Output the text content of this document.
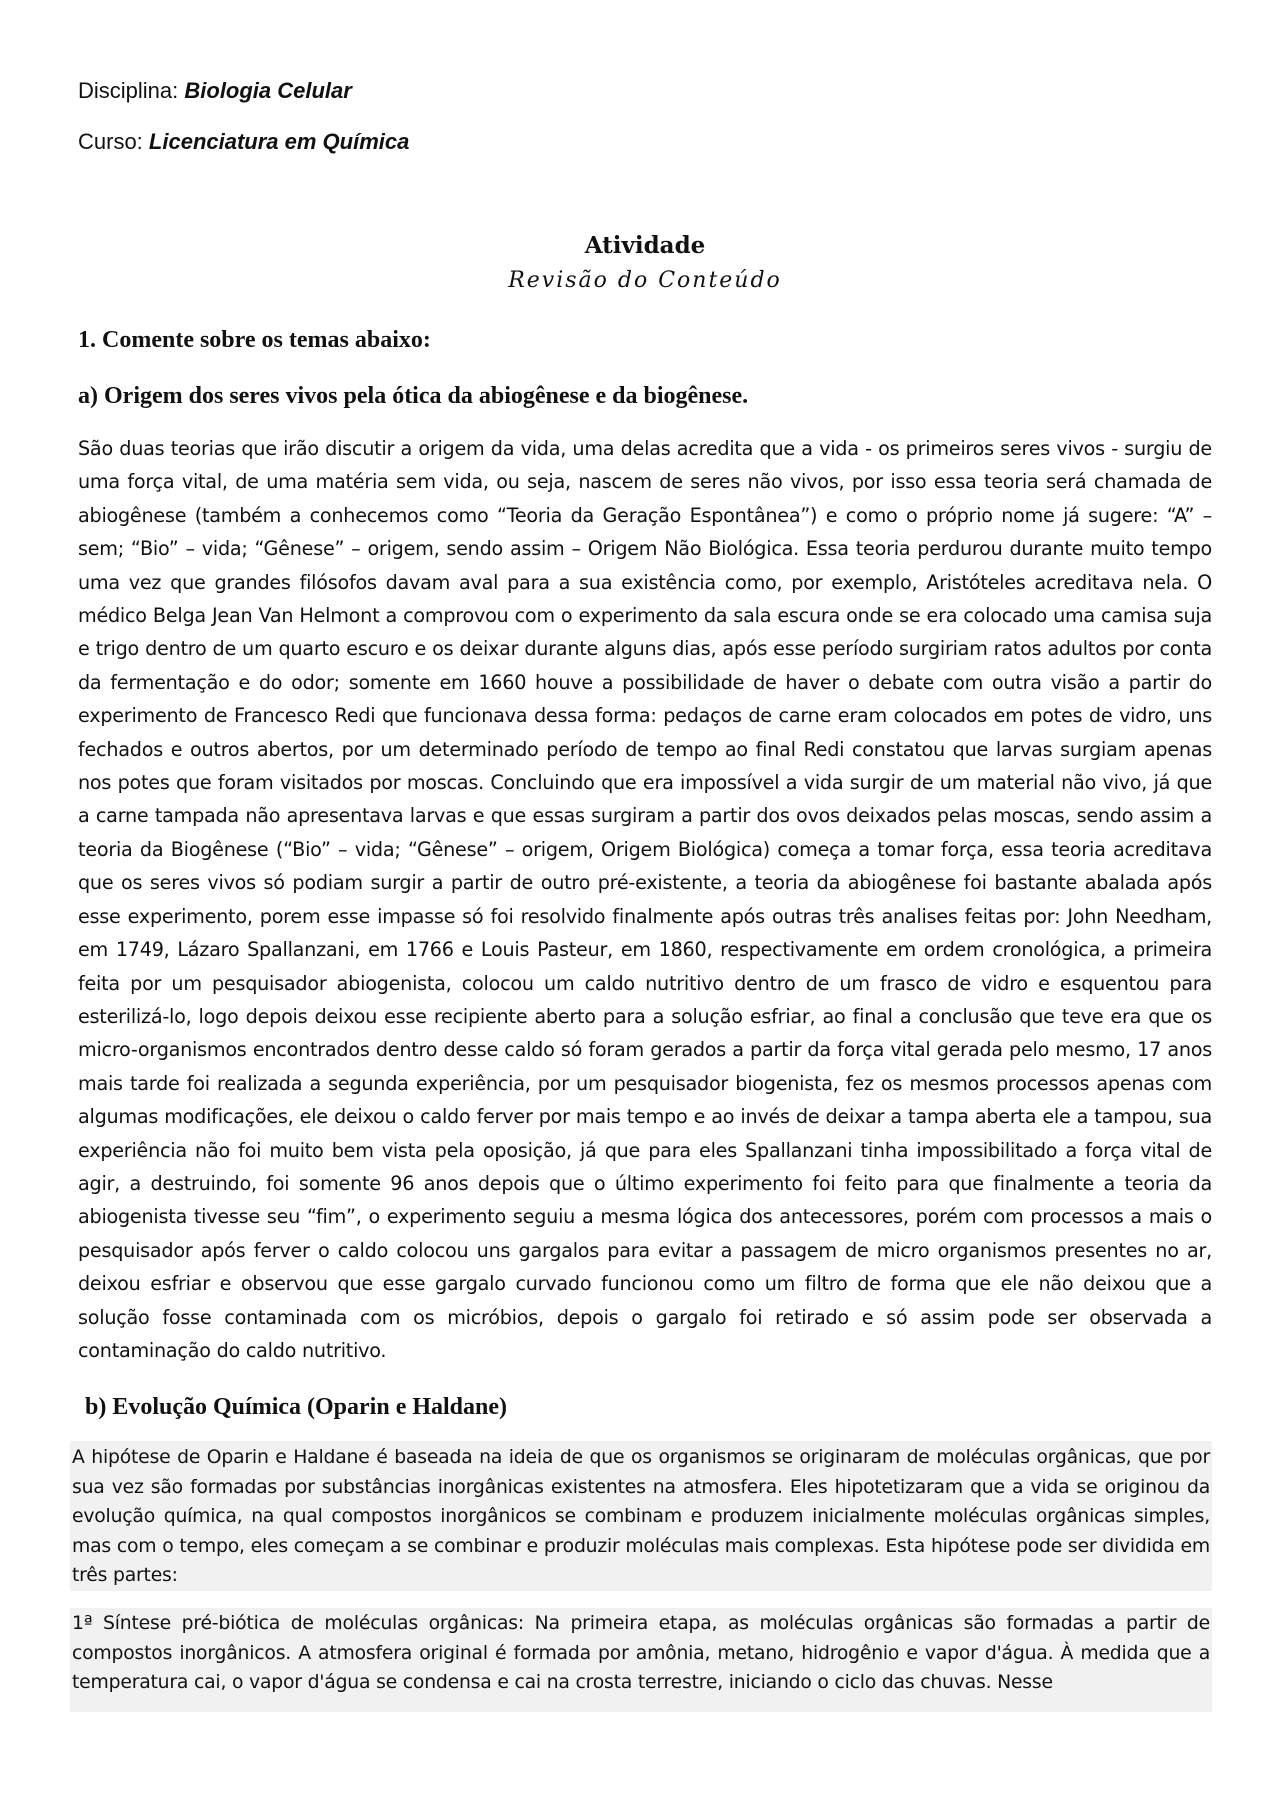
Disciplina: Biologia Celular
Curso: Licenciatura em Química
Atividade
Revisão do Conteúdo
1. Comente sobre os temas abaixo:
a) Origem dos seres vivos pela ótica da abiogênese e da biogênese.
São duas teorias que irão discutir a origem da vida, uma delas acredita que a vida - os primeiros seres vivos - surgiu de uma força vital, de uma matéria sem vida, ou seja, nascem de seres não vivos, por isso essa teoria será chamada de abiogênese (também a conhecemos como “Teoria da Geração Espontânea”) e como o próprio nome já sugere: “A” – sem; “Bio” – vida; “Gênese” – origem, sendo assim – Origem Não Biológica. Essa teoria perdurou durante muito tempo uma vez que grandes filósofos davam aval para a sua existência como, por exemplo, Aristóteles acreditava nela. O médico Belga Jean Van Helmont a comprovou com o experimento da sala escura onde se era colocado uma camisa suja e trigo dentro de um quarto escuro e os deixar durante alguns dias, após esse período surgiriam ratos adultos por conta da fermentação e do odor; somente em 1660 houve a possibilidade de haver o debate com outra visão a partir do experimento de Francesco Redi que funcionava dessa forma: pedaços de carne eram colocados em potes de vidro, uns fechados e outros abertos, por um determinado período de tempo ao final Redi constatou que larvas surgiam apenas nos potes que foram visitados por moscas. Concluindo que era impossível a vida surgir de um material não vivo, já que a carne tampada não apresentava larvas e que essas surgiram a partir dos ovos deixados pelas moscas, sendo assim a teoria da Biogênese (“Bio” – vida; “Gênese” – origem, Origem Biológica) começa a tomar força, essa teoria acreditava que os seres vivos só podiam surgir a partir de outro pré-existente, a teoria da abiogênese foi bastante abalada após esse experimento, porem esse impasse só foi resolvido finalmente após outras três analises feitas por: John Needham, em 1749, Lázaro Spallanzani, em 1766 e Louis Pasteur, em 1860, respectivamente em ordem cronológica, a primeira feita por um pesquisador abiogenista, colocou um caldo nutritivo dentro de um frasco de vidro e esquentou para esterilizá-lo, logo depois deixou esse recipiente aberto para a solução esfriar, ao final a conclusão que teve era que os micro-organismos encontrados dentro desse caldo só foram gerados a partir da força vital gerada pelo mesmo, 17 anos mais tarde foi realizada a segunda experiência, por um pesquisador biogenista, fez os mesmos processos apenas com algumas modificações, ele deixou o caldo ferver por mais tempo e ao invés de deixar a tampa aberta ele a tampou, sua experiência não foi muito bem vista pela oposição, já que para eles Spallanzani tinha impossibilitado a força vital de agir, a destruindo, foi somente 96 anos depois que o último experimento foi feito para que finalmente a teoria da abiogenista tivesse seu “fim”, o experimento seguiu a mesma lógica dos antecessores, porém com processos a mais o pesquisador após ferver o caldo colocou uns gargalos para evitar a passagem de micro organismos presentes no ar, deixou esfriar e observou que esse gargalo curvado funcionou como um filtro de forma que ele não deixou que a solução fosse contaminada com os micróbios, depois o gargalo foi retirado e só assim pode ser observada a contaminação do caldo nutritivo.
b) Evolução Química (Oparin e Haldane)
A hipótese de Oparin e Haldane é baseada na ideia de que os organismos se originaram de moléculas orgânicas, que por sua vez são formadas por substâncias inorgânicas existentes na atmosfera. Eles hipotetizaram que a vida se originou da evolução química, na qual compostos inorgânicos se combinam e produzem inicialmente moléculas orgânicas simples, mas com o tempo, eles começam a se combinar e produzir moléculas mais complexas. Esta hipótese pode ser dividida em três partes:
1ª Síntese pré-biótica de moléculas orgânicas: Na primeira etapa, as moléculas orgânicas são formadas a partir de compostos inorgânicos. A atmosfera original é formada por amônia, metano, hidrogênio e vapor d'água. À medida que a temperatura cai, o vapor d'água se condensa e cai na crosta terrestre, iniciando o ciclo das chuvas. Nesse
